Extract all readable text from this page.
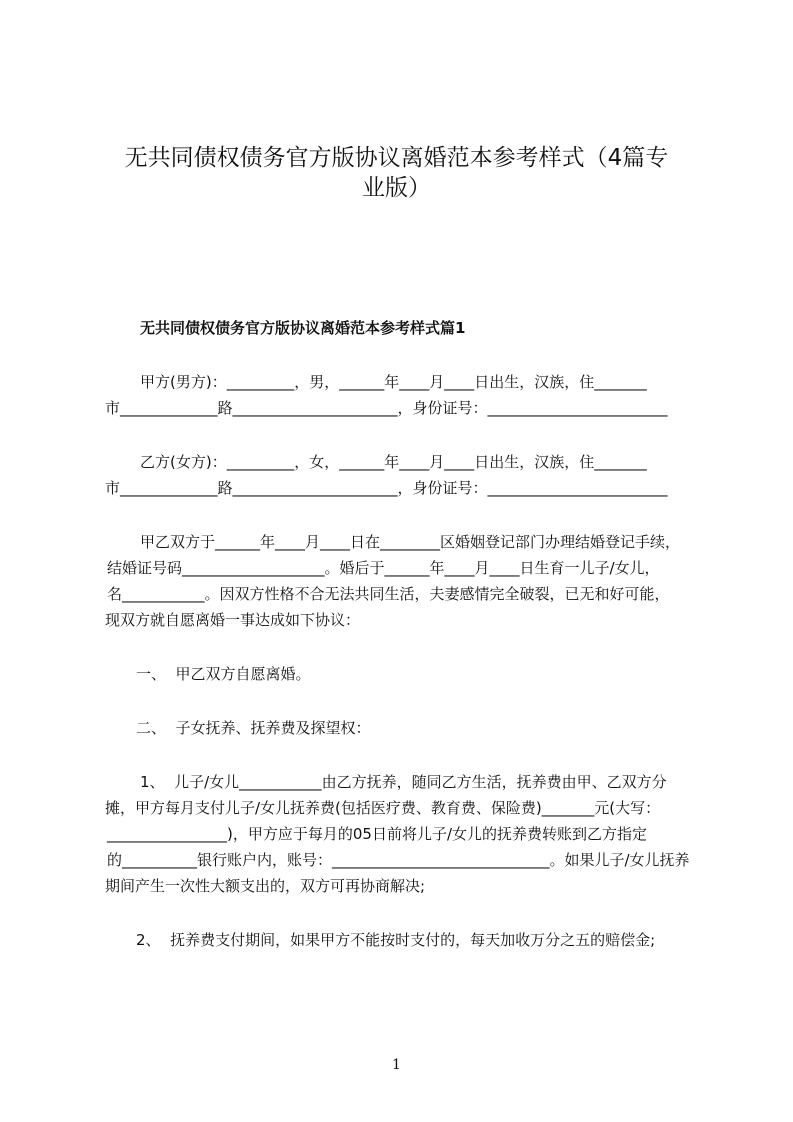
无共同债权债务官方版协议离婚范本参考样式（4篇专
业版）
无共同债权债务官方版协议离婚范本参考样式篇1
甲方(男方)：_________，男，______年____月____日出生，汉族，住_______
市_____________路______________________，身份证号：________________________
乙方(女方)：_________，女，______年____月____日出生，汉族，住_______
市_____________路______________________，身份证号：________________________
甲乙双方于______年____月____日在________区婚姻登记部门办理结婚登记手续，
结婚证号码___________________。婚后于______年____月____日生育一儿子/女儿，
名___________。因双方性格不合无法共同生活，夫妻感情完全破裂，已无和好可能，
现双方就自愿离婚一事达成如下协议：
一、  甲乙双方自愿离婚。
二、  子女抚养、抚养费及探望权：
1、  儿子/女儿___________由乙方抚养，随同乙方生活，抚养费由甲、乙双方分
摊，甲方每月支付儿子/女儿抚养费(包括医疗费、教育费、保险费)_______元(大写：
________________)，甲方应于每月的05日前将儿子/女儿的抚养费转账到乙方指定
的__________银行账户内，账号：_____________________________。如果儿子/女儿抚养
期间产生一次性大额支出的，双方可再协商解决;
2、  抚养费支付期间，如果甲方不能按时支付的，每天加收万分之五的赔偿金;
1
